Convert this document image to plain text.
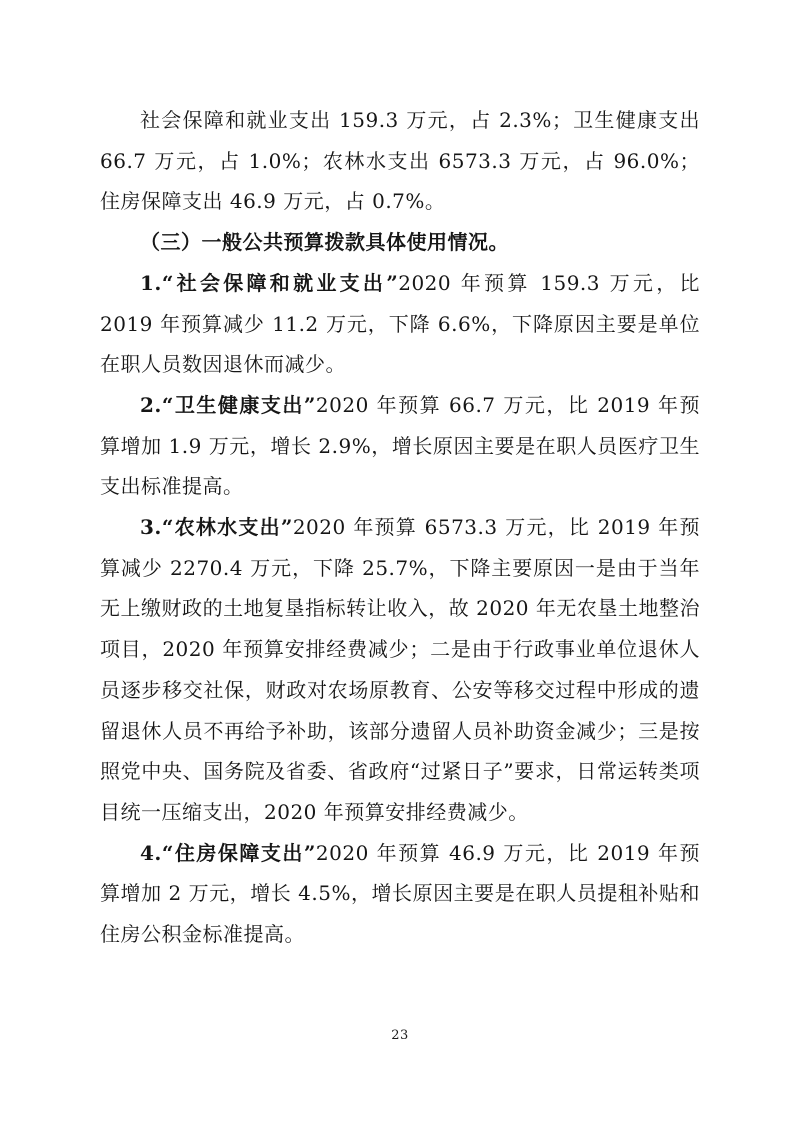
社会保障和就业支出 159.3 万元，占 2.3%；卫生健康支出 66.7 万元，占 1.0%；农林水支出 6573.3 万元，占 96.0%；住房保障支出 46.9 万元，占 0.7%。

（三）一般公共预算拨款具体使用情况。

1.“社会保障和就业支出”2020 年预算 159.3 万元，比 2019 年预算减少 11.2 万元，下降 6.6%，下降原因主要是单位在职人员数因退休而减少。

2.“卫生健康支出”2020 年预算 66.7 万元，比 2019 年预算增加 1.9 万元，增长 2.9%，增长原因主要是在职人员医疗卫生支出标准提高。

3.“农林水支出”2020 年预算 6573.3 万元，比 2019 年预算减少 2270.4 万元，下降 25.7%，下降主要原因一是由于当年无上缴财政的土地复垦指标转让收入，故 2020 年无农垦土地整治项目，2020 年预算安排经费减少；二是由于行政事业单位退休人员逐步移交社保，财政对农场原教育、公安等移交过程中形成的遗留退休人员不再给予补助，该部分遗留人员补助资金减少；三是按照党中央、国务院及省委、省政府“过紧日子”要求，日常运转类项目统一压缩支出，2020 年预算安排经费减少。

4.“住房保障支出”2020 年预算 46.9 万元，比 2019 年预算增加 2 万元，增长 4.5%，增长原因主要是在职人员提租补贴和住房公积金标准提高。

23
